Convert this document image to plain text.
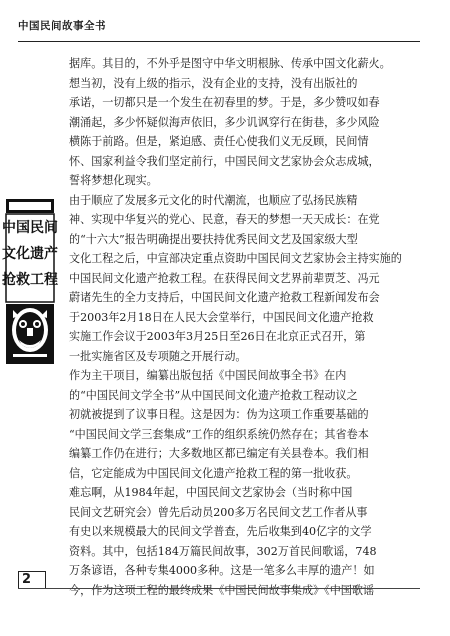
中国民间故事全书
中国民间
文化遗产
抢救工程
据库。其目的，不外乎是图守中华文明根脉、传承中国文化薪火。
想当初，没有上级的指示，没有企业的支持，没有出版社的
承诺，一切都只是一个发生在初春里的梦。于是，多少赞叹如春
潮涌起，多少怀疑似海声依旧，多少讥讽穿行在街巷，多少风险
横陈于前路。但是，紧迫感、责任心使我们义无反顾，民间情
怀、国家利益令我们坚定前行，中国民间文艺家协会众志成城，
誓将梦想化现实。
由于顺应了发展多元文化的时代潮流，也顺应了弘扬民族精
神、实现中华复兴的党心、民意，春天的梦想一天天成长：在党
的“十六大”报告明确提出要扶持优秀民间文艺及国家级大型
文化工程之后，中宣部决定重点资助中国民间文艺家协会主持实施的
中国民间文化遗产抢救工程。在获得民间文艺界前辈贾芝、冯元
蔚诸先生的全力支持后，中国民间文化遗产抢救工程新闻发布会
于2003年2月18日在人民大会堂举行，中国民间文化遗产抢救
实施工作会议于2003年3月25日至26日在北京正式召开，第
一批实施省区及专项随之开展行动。
作为主干项目，编纂出版包括《中国民间故事全书》在内
的“中国民间文学全书”从中国民间文化遗产抢救工程动议之
初就被提到了议事日程。这是因为：伪为这项工作重要基础的
“中国民间文学三套集成”工作的组织系统仍然存在；其省卷本
编纂工作仍在进行；大多数地区都已编定有关县卷本。我们相
信，它定能成为中国民间文化遗产抢救工程的第一批收获。
难忘啊，从1984年起，中国民间文艺家协会（当时称中国
民间文艺研究会）曾先后动员200多万名民间文艺工作者从事
有史以来规模最大的民间文学普查，先后收集到40亿字的文学
资料。其中，包括184万篇民间故事，302万首民间歌谣，748
万条谚语，各种专集4000多种。这是一笔多么丰厚的遗产！如
今，作为这项工程的最终成果《中国民间故事集成》《中国歌谣
2
